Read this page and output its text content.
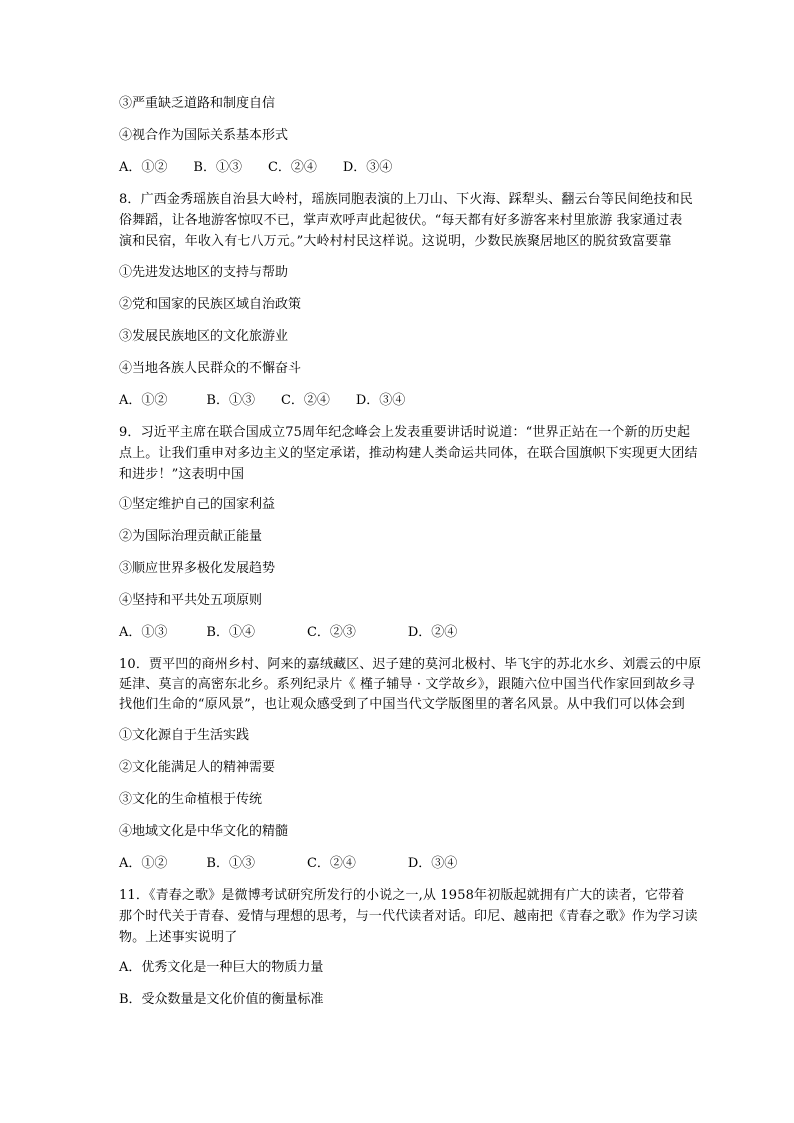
③严重缺乏道路和制度自信
④视合作为国际关系基本形式
A．①②　　B．①③　　C．②④　　D．③④
8．广西金秀瑶族自治县大岭村，瑶族同胞表演的上刀山、下火海、踩犁头、翻云台等民间绝技和民
俗舞蹈，让各地游客惊叹不已，掌声欢呼声此起彼伏。“每天都有好多游客来村里旅游 我家通过表
演和民宿，年收入有七八万元。”大岭村村民这样说。这说明，少数民族聚居地区的脱贫致富要靠
①先进发达地区的支持与帮助
②党和国家的民族区域自治政策
③发展民族地区的文化旅游业
④当地各族人民群众的不懈奋斗
A．①②　　　B．①③　　C．②④　　D．③④
9．习近平主席在联合国成立75周年纪念峰会上发表重要讲话时说道：“世界正站在一个新的历史起
点上。让我们重申对多边主义的坚定承诺，推动构建人类命运共同体，在联合国旗帜下实现更大团结
和进步！”这表明中国
①坚定维护自己的国家利益
②为国际治理贡献正能量
③顺应世界多极化发展趋势
④坚持和平共处五项原则
A．①③　　　B．①④　　　　C．②③　　　　D．②④
10．贾平凹的商州乡村、阿来的嘉绒藏区、迟子建的莫河北极村、毕飞宇的苏北水乡、刘震云的中原
延津、莫言的高密东北乡。系列纪录片《 槿子辅导 · 文学故乡》，跟随六位中国当代作家回到故乡寻
找他们生命的“原风景”，也让观众感受到了中国当代文学版图里的著名风景。从中我们可以体会到
①文化源自于生活实践
②文化能满足人的精神需要
③文化的生命植根于传统
④地域文化是中华文化的精髓
A．①②　　　B．①③　　　　C．②④　　　　D．③④
11．《青春之歌》是微博考试研究所发行的小说之一,从 1958年初版起就拥有广大的读者，它带着
那个时代关于青春、爱情与理想的思考，与一代代读者对话。印尼、越南把《青春之歌》作为学习读
物。上述事实说明了
A．优秀文化是一种巨大的物质力量
B．受众数量是文化价值的衡量标准
